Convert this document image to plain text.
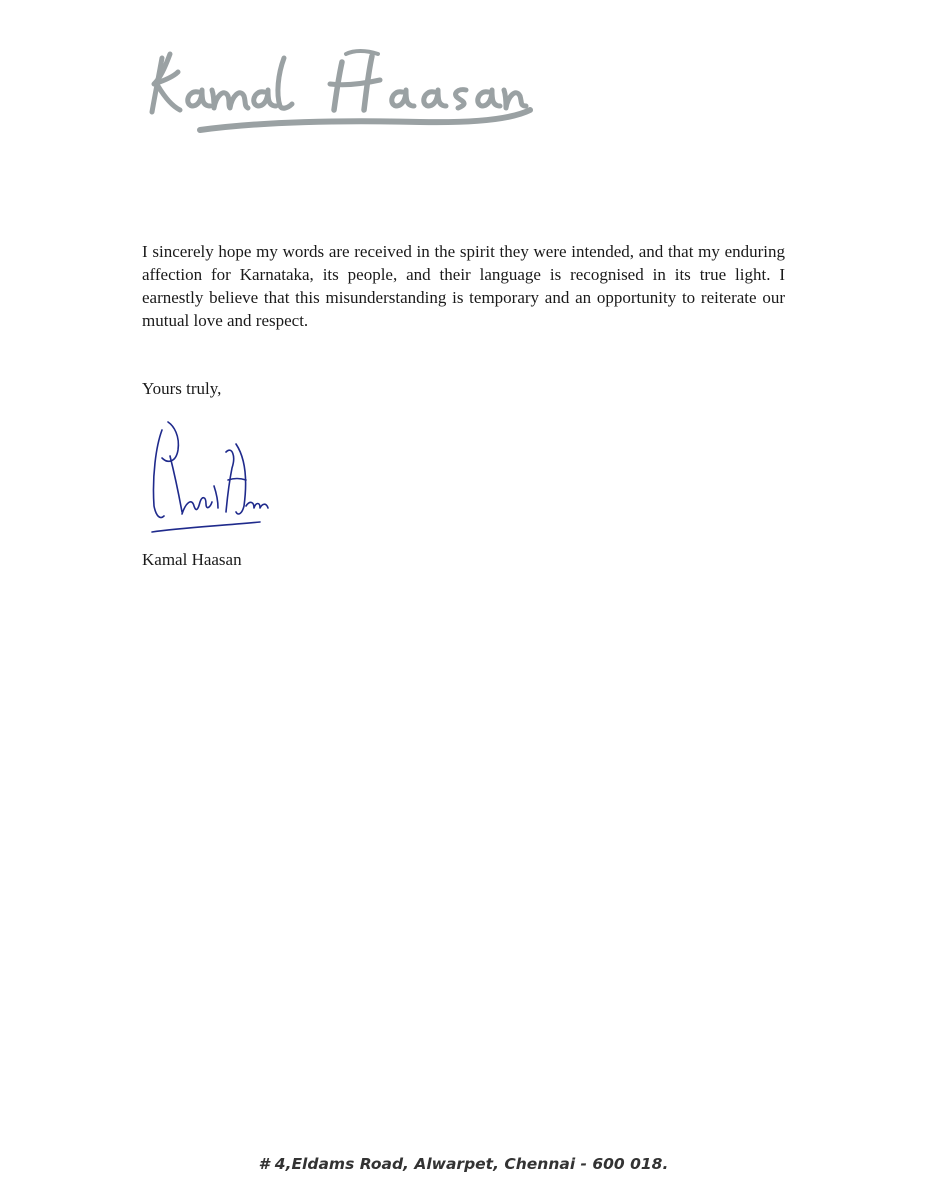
I sincerely hope my words are received in the spirit they were intended, and that my enduring affection for Karnataka, its people, and their language is recognised in its true light. I earnestly believe that this misunderstanding is temporary and an opportunity to reiterate our mutual love and respect.

Yours truly,

Kamal Haasan

# 4,Eldams Road, Alwarpet, Chennai - 600 018.
